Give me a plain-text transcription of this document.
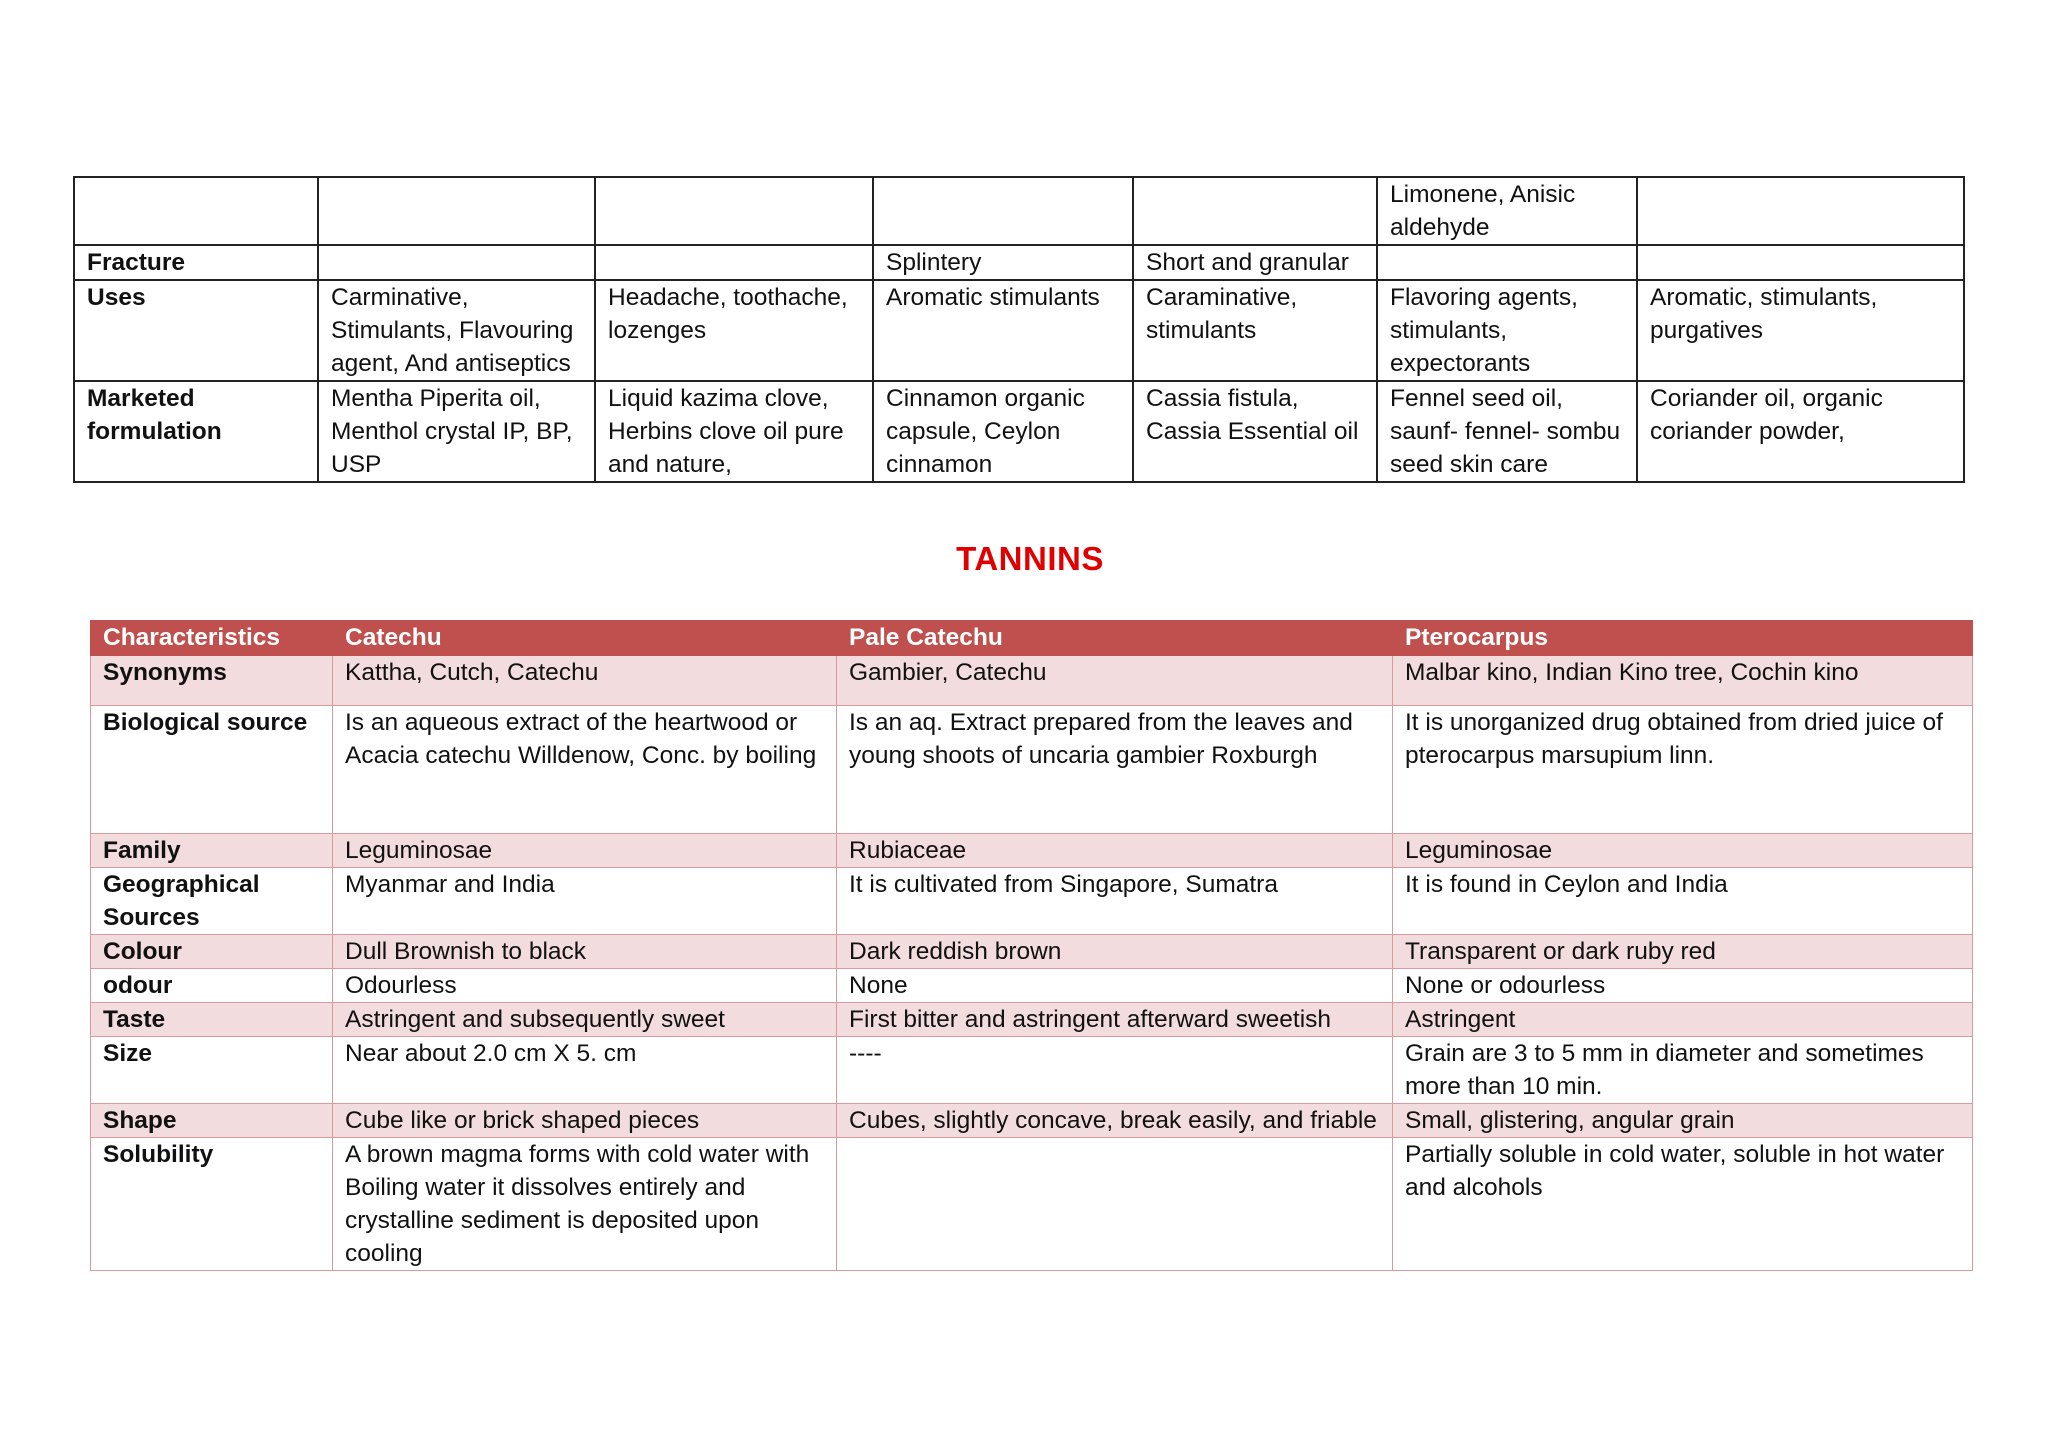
					Limonene, Anisic aldehyde	
Fracture			Splintery	Short and granular		
Uses	Carminative, Stimulants, Flavouring agent, And antiseptics	Headache, toothache, lozenges	Aromatic stimulants	Caraminative, stimulants	Flavoring agents, stimulants, expectorants	Aromatic, stimulants, purgatives
Marketed formulation	Mentha Piperita oil, Menthol crystal IP, BP, USP	Liquid kazima clove, Herbins clove oil pure and nature,	Cinnamon organic capsule, Ceylon cinnamon	Cassia fistula, Cassia Essential oil	Fennel seed oil, saunf- fennel- sombu seed skin care	Coriander oil, organic coriander powder,
TANNINS
Characteristics	Catechu	Pale Catechu	Pterocarpus
Synonyms	Kattha, Cutch, Catechu	Gambier, Catechu	Malbar kino, Indian Kino tree, Cochin kino
Biological source	Is an aqueous extract of the heartwood or Acacia catechu Willdenow, Conc. by boiling	Is an aq. Extract prepared from the leaves and young shoots of uncaria gambier Roxburgh	It is unorganized drug obtained from dried juice of pterocarpus marsupium linn.
Family	Leguminosae	Rubiaceae	Leguminosae
Geographical Sources	Myanmar and India	It is cultivated from Singapore, Sumatra	It is found in Ceylon and India
Colour	Dull Brownish to black	Dark reddish brown	Transparent or dark ruby red
odour	Odourless	None	None or odourless
Taste	Astringent and subsequently sweet	First bitter and astringent afterward sweetish	Astringent
Size	Near about 2.0 cm X 5. cm	----	Grain are 3 to 5 mm in diameter and sometimes more than 10 min.
Shape	Cube like or brick shaped pieces	Cubes, slightly concave, break easily, and friable	Small, glistering, angular grain
Solubility	A brown magma forms with cold water with Boiling water it dissolves entirely and crystalline sediment is deposited upon cooling		Partially soluble in cold water, soluble in hot water and alcohols
